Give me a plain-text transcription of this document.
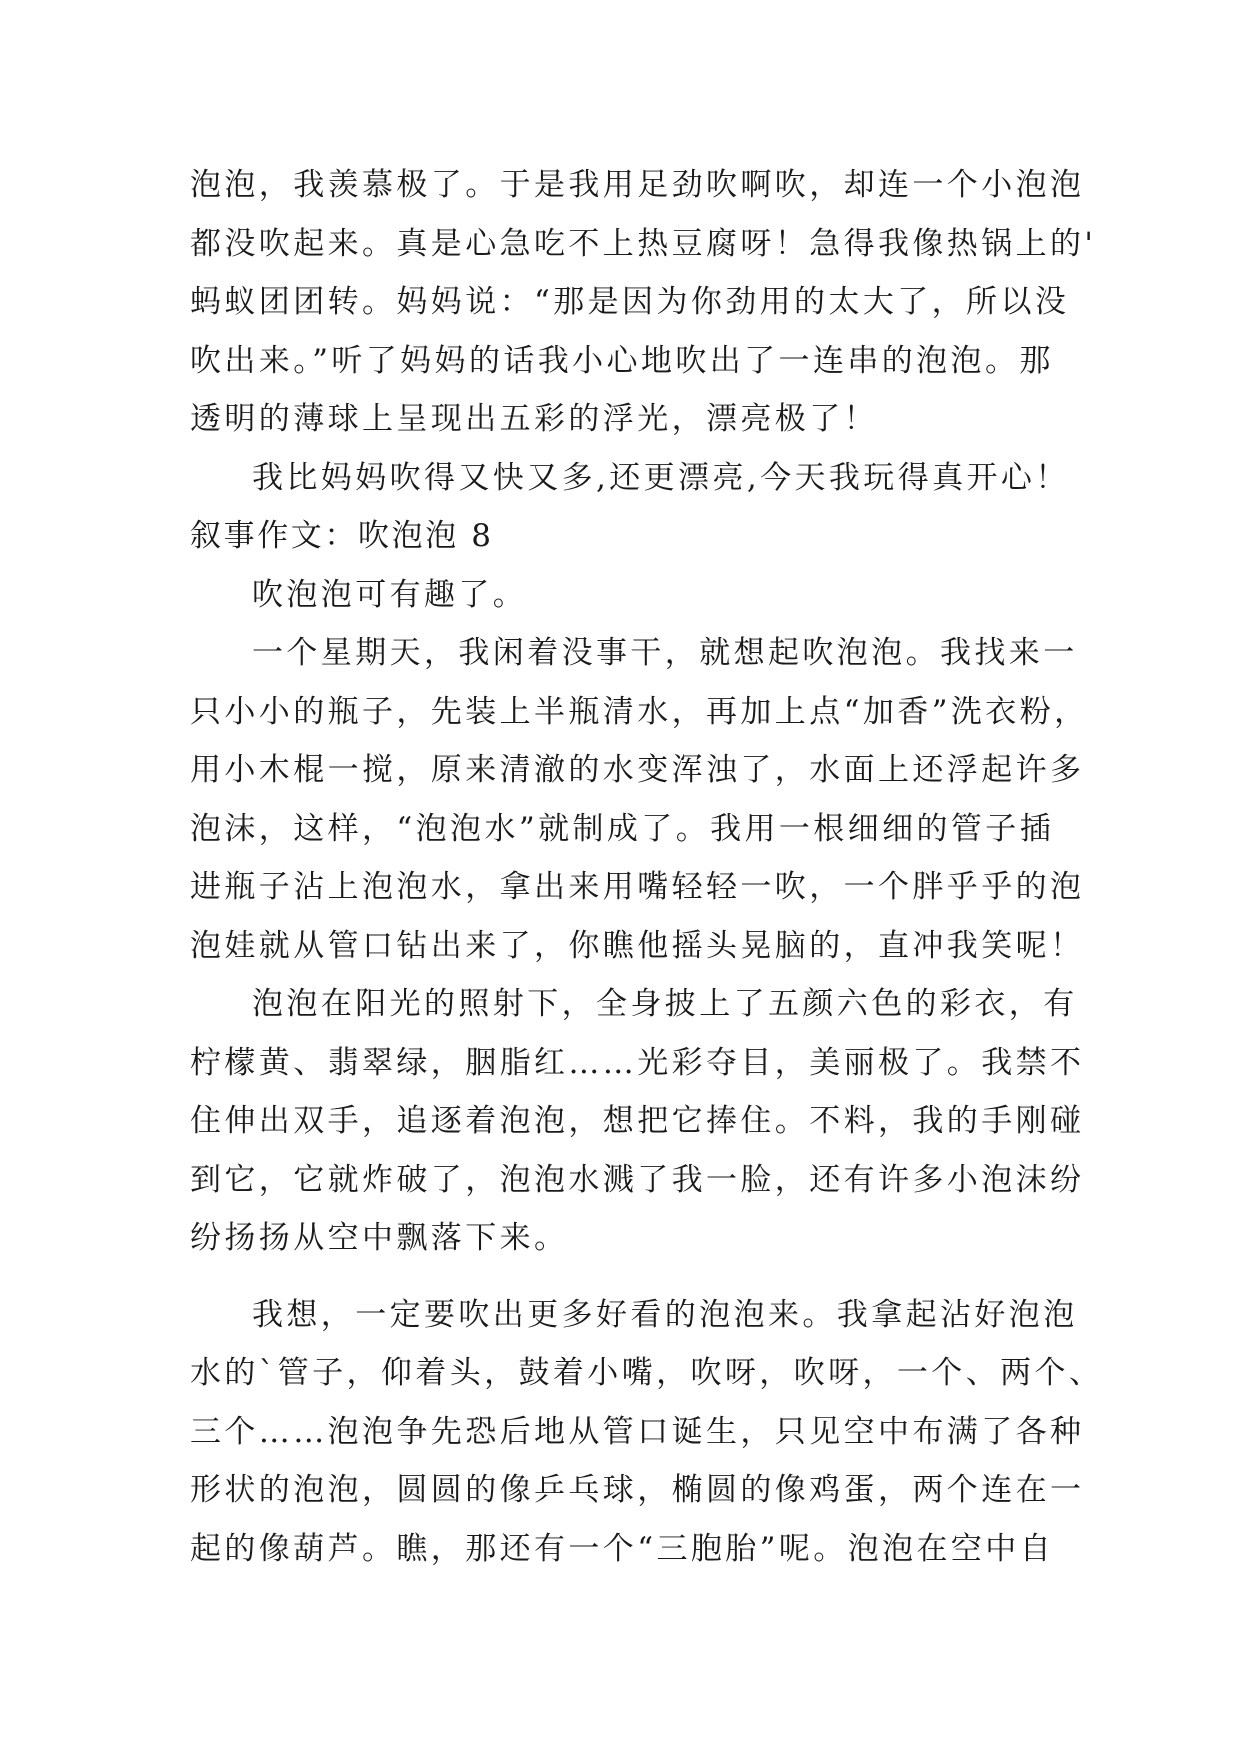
泡泡，我羡慕极了。于是我用足劲吹啊吹，却连一个小泡泡
都没吹起来。真是心急吃不上热豆腐呀！急得我像热锅上的'
蚂蚁团团转。妈妈说：“那是因为你劲用的太大了，所以没
吹出来。”听了妈妈的话我小心地吹出了一连串的泡泡。那
透明的薄球上呈现出五彩的浮光，漂亮极了！
我比妈妈吹得又快又多,还更漂亮,今天我玩得真开心！
叙事作文：吹泡泡 8
吹泡泡可有趣了。
一个星期天，我闲着没事干，就想起吹泡泡。我找来一
只小小的瓶子，先装上半瓶清水，再加上点“加香”洗衣粉，
用小木棍一搅，原来清澈的水变浑浊了，水面上还浮起许多
泡沫，这样，“泡泡水”就制成了。我用一根细细的管子插
进瓶子沾上泡泡水，拿出来用嘴轻轻一吹，一个胖乎乎的泡
泡娃就从管口钻出来了，你瞧他摇头晃脑的，直冲我笑呢！
泡泡在阳光的照射下，全身披上了五颜六色的彩衣，有
柠檬黄、翡翠绿，胭脂红……光彩夺目，美丽极了。我禁不
住伸出双手，追逐着泡泡，想把它捧住。不料，我的手刚碰
到它，它就炸破了，泡泡水溅了我一脸，还有许多小泡沫纷
纷扬扬从空中飘落下来。
我想，一定要吹出更多好看的泡泡来。我拿起沾好泡泡
水的`管子，仰着头，鼓着小嘴，吹呀，吹呀，一个、两个、
三个……泡泡争先恐后地从管口诞生，只见空中布满了各种
形状的泡泡，圆圆的像乒乓球，椭圆的像鸡蛋，两个连在一
起的像葫芦。瞧，那还有一个“三胞胎”呢。泡泡在空中自
